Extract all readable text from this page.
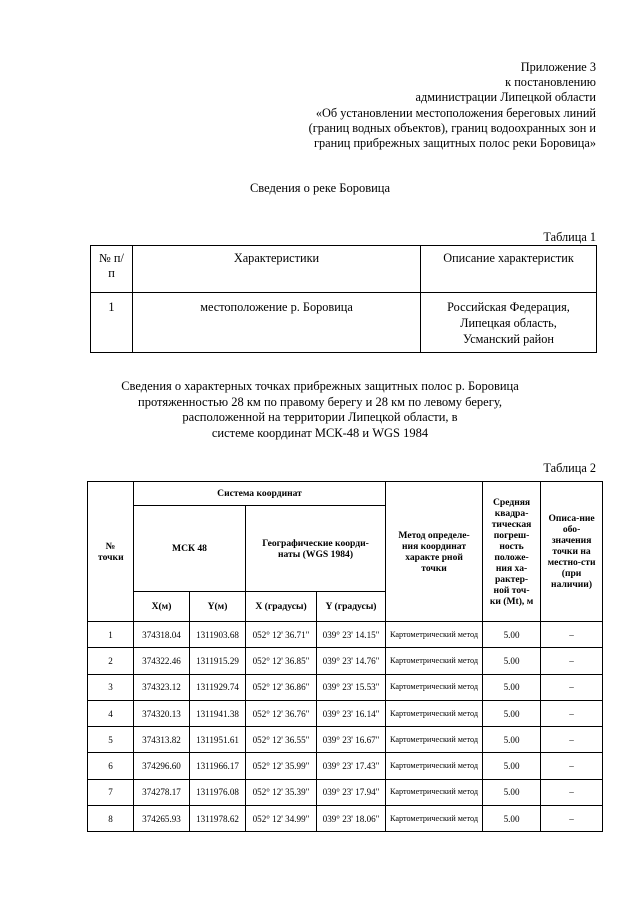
Приложение 3
к постановлению
администрации Липецкой области
«Об установлении местоположения береговых линий
(границ водных объектов), границ водоохранных зон и
границ прибрежных защитных полос реки Боровица»
Сведения о реке Боровица
Таблица 1
№ п/п	Характеристики	Описание характеристик
1	местоположение р. Боровица	Российская Федерация,
Липецкая область,
Усманский район
Сведения о характерных точках прибрежных защитных полос р. Боровица
протяженностью 28 км по правому берегу и 28 км по левому берегу,
расположенной на территории Липецкой области, в
системе координат МСК-48 и WGS 1984
Таблица 2
№ точки	Система координат				Метод определе-ния координат характе рной точки	Средняя квадра-тическая погреш-ность положе-ния ха-рактер-ной точ-ки (Mt), м	Описа-ние обо-значения точки на местно-сти (при наличии)
	МСК 48		Географические коорди-наты (WGS 1984)				
	X(м)	Y(м)	X (градусы)	Y (градусы)			
1	374318.04	1311903.68	052° 12' 36.71"	039° 23' 14.15"	Картометрический метод	5.00	–
2	374322.46	1311915.29	052° 12' 36.85"	039° 23' 14.76"	Картометрический метод	5.00	–
3	374323.12	1311929.74	052° 12' 36.86"	039° 23' 15.53"	Картометрический метод	5.00	–
4	374320.13	1311941.38	052° 12' 36.76"	039° 23' 16.14"	Картометрический метод	5.00	–
5	374313.82	1311951.61	052° 12' 36.55"	039° 23' 16.67"	Картометрический метод	5.00	–
6	374296.60	1311966.17	052° 12' 35.99"	039° 23' 17.43"	Картометрический метод	5.00	–
7	374278.17	1311976.08	052° 12' 35.39"	039° 23' 17.94"	Картометрический метод	5.00	–
8	374265.93	1311978.62	052° 12' 34.99"	039° 23' 18.06"	Картометрический метод	5.00	–
